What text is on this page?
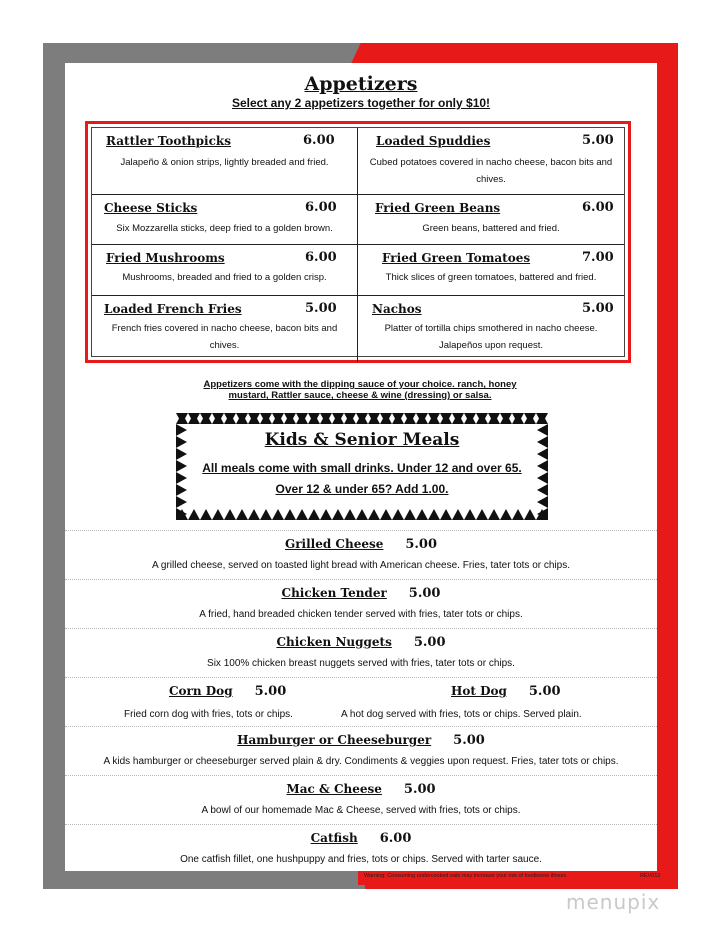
Appetizers
Select any 2 appetizers together for only $10!
Rattler Toothpicks	6.00
Jalapeño & onion strips, lightly breaded and fried.
Loaded Spuddies	5.00
Cubed potatoes covered in nacho cheese, bacon bits and chives.
Cheese Sticks	6.00
Six Mozzarella sticks, deep fried to a golden brown.
Fried Green Beans	6.00
Green beans, battered and fried.
Fried Mushrooms	6.00
Mushrooms, breaded and fried to a golden crisp.
Fried Green Tomatoes	7.00
Thick slices of green tomatoes, battered and fried.
Loaded French Fries	5.00
French fries covered in nacho cheese, bacon bits and chives.
Nachos	5.00
Platter of tortilla chips smothered in nacho cheese. Jalapeños upon request.
Appetizers come with the dipping sauce of your choice. ranch, honey
mustard, Rattler sauce, cheese & wine (dressing) or salsa.
Kids & Senior Meals
All meals come with small drinks. Under 12 and over 65.
Over 12 & under 65? Add 1.00.
Grilled Cheese 5.00
A grilled cheese, served on toasted light bread with American cheese. Fries, tater tots or chips.
Chicken Tender 5.00
A fried, hand breaded chicken tender served with fries, tater tots or chips.
Chicken Nuggets 5.00
Six 100% chicken breast nuggets served with fries, tater tots or chips.
Corn Dog 5.00	Hot Dog 5.00
Fried corn dog with fries, tots or chips.	A hot dog served with fries, tots or chips. Served plain.
Hamburger or Cheeseburger 5.00
A kids hamburger or cheeseburger served plain & dry. Condiments & veggies upon request. Fries, tater tots or chips.
Mac & Cheese 5.00
A bowl of our homemade Mac & Cheese, served with fries, tots or chips.
Catfish 6.00
One catfish fillet, one hushpuppy and fries, tots or chips. Served with tarter sauce.
Warning: Consuming undercooked eats may increase your risk of foodborne illness	REV012
menupix
